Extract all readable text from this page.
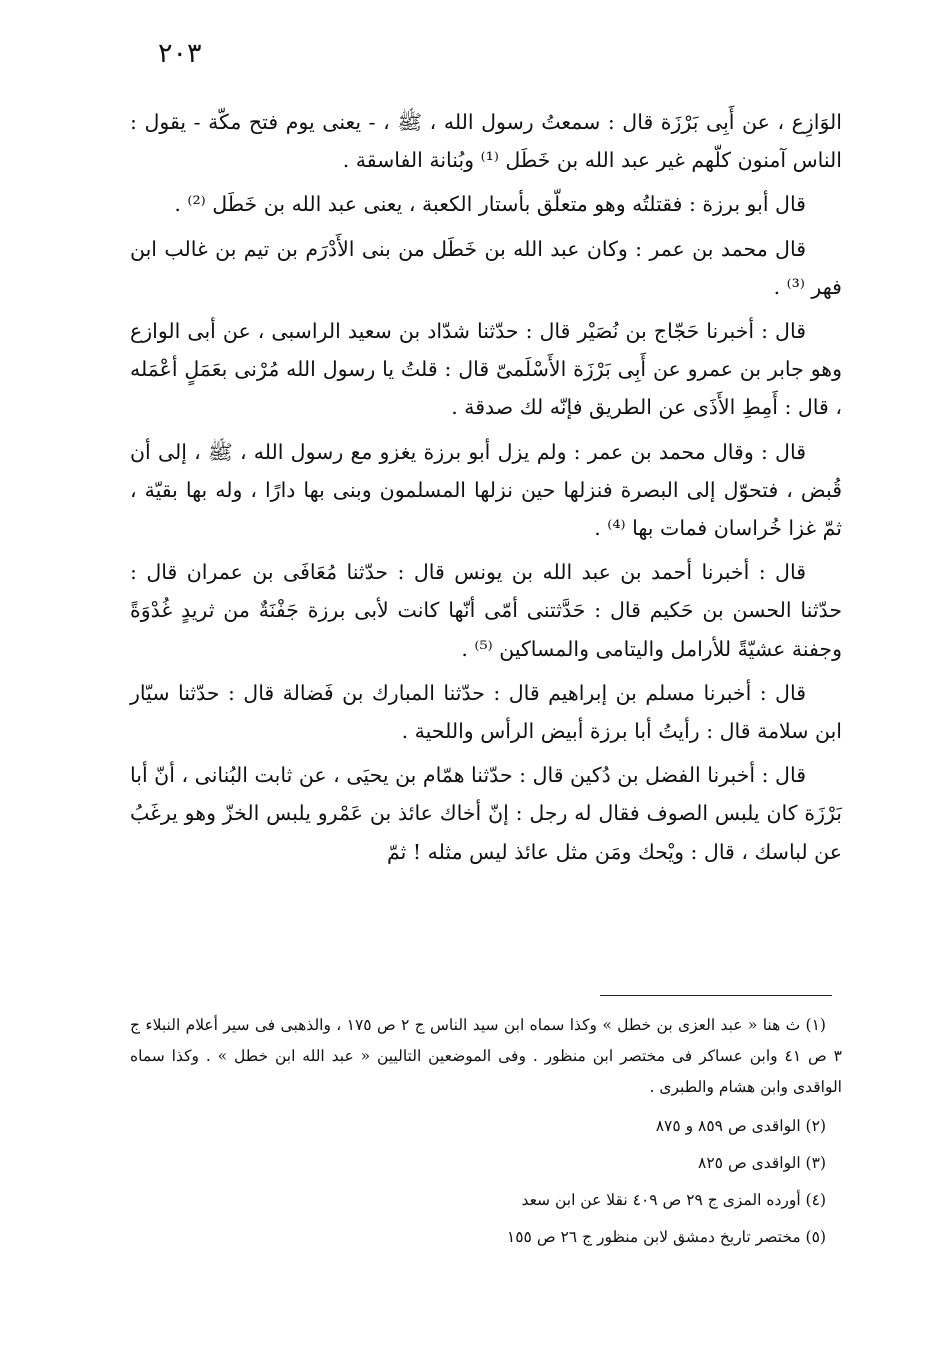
٢٠٣

الوَازِع ، عن أَبِى بَرْزَة قال : سمعتُ رسول الله ، ﷺ ، - يعنى يوم فتح مكّة - يقول : الناس آمنون كلّهم غير عبد الله بن خَطَل ⁽¹⁾ وبُنانة الفاسقة .

قال أبو برزة : فقتلتُه وهو متعلّق بأستار الكعبة ، يعنى عبد الله بن خَطَل ⁽²⁾ .

قال محمد بن عمر : وكان عبد الله بن خَطَل من بنى الأَدْرَم بن تيم بن غالب ابن فهر ⁽³⁾ .

قال : أخبرنا حَجّاج بن نُصَيْر قال : حدّثنا شدّاد بن سعيد الراسبى ، عن أبى الوازع وهو جابر بن عمرو عن أَبِى بَرْزَة الأَسْلَمىّ قال : قلتُ يا رسول الله مُرْنى بعَمَلٍ أعْمَله ، قال : أَمِطِ الأَذَى عن الطريق فإنّه لك صدقة .

قال : وقال محمد بن عمر : ولم يزل أبو برزة يغزو مع رسول الله ، ﷺ ، إلى أن قُبض ، فتحوّل إلى البصرة فنزلها حين نزلها المسلمون وبنى بها دارًا ، وله بها بقيّة ، ثمّ غزا خُراسان فمات بها ⁽⁴⁾ .

قال : أخبرنا أحمد بن عبد الله بن يونس قال : حدّثنا مُعَافَى بن عمران قال : حدّثنا الحسن بن حَكيم قال : حَدَّثتنى أمّى أنّها كانت لأبى برزة جَفْنَةٌ من ثريدٍ غُدْوَةً وجفنة عشيّةً للأرامل واليتامى والمساكين ⁽⁵⁾ .

قال : أخبرنا مسلم بن إبراهيم قال : حدّثنا المبارك بن فَضالة قال : حدّثنا سيّار ابن سلامة قال : رأيتُ أبا برزة أبيض الرأس واللحية .

قال : أخبرنا الفضل بن دُكين قال : حدّثنا همّام بن يحيَى ، عن ثابت البُنانى ، أنّ أبا بَرْزَة كان يلبس الصوف فقال له رجل : إنّ أخاك عائذ بن عَمْرو يلبس الخزّ وهو يرغَبُ عن لباسك ، قال : ويْحك ومَن مثل عائذ ليس مثله ! ثمّ

(١) ث هنا « عبد العزى بن خطل » وكذا سماه ابن سيد الناس ج ٢ ص ١٧٥ ، والذهبى فى سير أعلام النبلاء ج ٣ ص ٤١ وابن عساكر فى مختصر ابن منظور . وفى الموضعين التاليين « عبد الله ابن خطل » . وكذا سماه الواقدى وابن هشام والطبرى .

(٢) الواقدى ص ٨٥٩ و ٨٧٥

(٣) الواقدى ص ٨٢٥

(٤) أورده المزى ج ٢٩ ص ٤٠٩ نقلا عن ابن سعد

(٥) مختصر تاريخ دمشق لابن منظور ج ٢٦ ص ١٥٥
